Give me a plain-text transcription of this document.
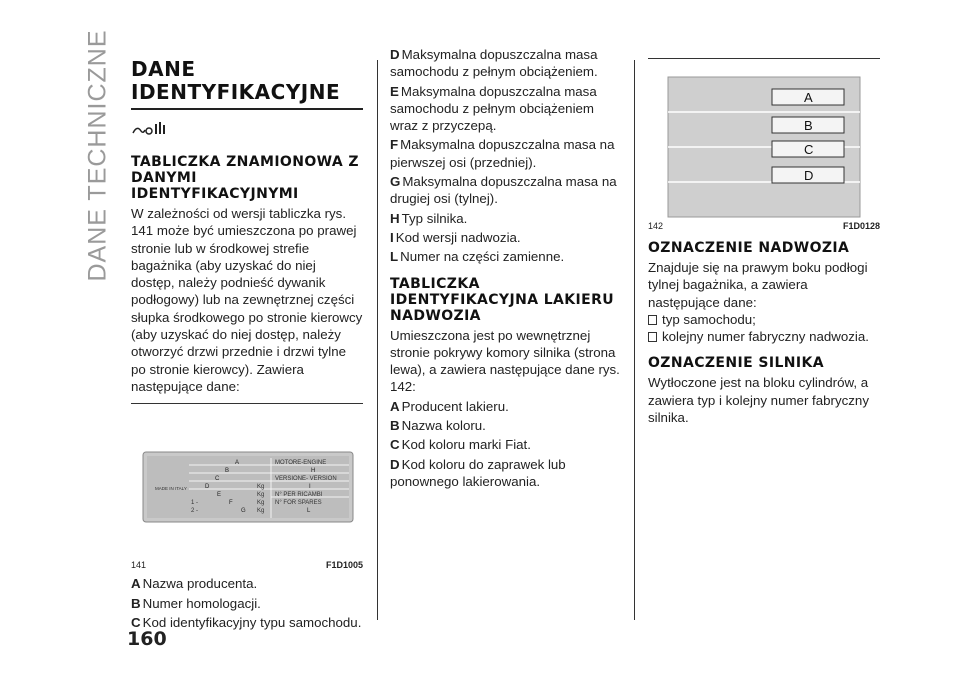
DANE TECHNICZNE DANE IDENTYFIKACYJNE
TABLICZKA ZNAMIONOWA Z DANYMI IDENTYFIKACYJNYMI
W zależności od wersji tabliczka rys. 141 może być umieszczona po prawej stronie lub w środkowej strefie bagażnika (aby uzyskać do niej dostęp, należy podnieść dywanik podłogowy) lub na zewnętrznej części słupka środkowego po stronie kierowcy (aby uzyskać do niej dostęp, należy otworzyć drzwi przednie i drzwi tylne po stronie kierowcy). Zawiera następujące dane:
MADE IN ITALY
A
B
C
D
E
F
G
H
I
L
MOTORE-ENGINE
VERSIONE- VERSION
N° PER RICAMBI
N° FOR SPARES
Kg
Kg
Kg
Kg
1 -
2 -
141	F1D1005
A Nazwa producenta.
B Numer homologacji.
C Kod identyfikacyjny typu samochodu.
D Maksymalna dopuszczalna masa samochodu z pełnym obciążeniem.
E Maksymalna dopuszczalna masa samochodu z pełnym obciążeniem wraz z przyczepą.
F Maksymalna dopuszczalna masa na pierwszej osi (przedniej).
G Maksymalna dopuszczalna masa na drugiej osi (tylnej).
H Typ silnika.
I Kod wersji nadwozia.
L Numer na części zamienne.
TABLICZKA IDENTYFIKACYJNA LAKIERU NADWOZIA
Umieszczona jest po wewnętrznej stronie pokrywy komory silnika (strona lewa), a zawiera następujące dane rys. 142:
A Producent lakieru.
B Nazwa koloru.
C Kod koloru marki Fiat.
D Kod koloru do zaprawek lub ponownego lakierowania.
A
B
C
D
142	F1D0128
OZNACZENIE NADWOZIA
Znajduje się na prawym boku podłogi tylnej bagażnika, a zawiera następujące dane:
typ samochodu;
kolejny numer fabryczny nadwozia.
OZNACZENIE SILNIKA
Wytłoczone jest na bloku cylindrów, a zawiera typ i kolejny numer fabryczny silnika.
160
